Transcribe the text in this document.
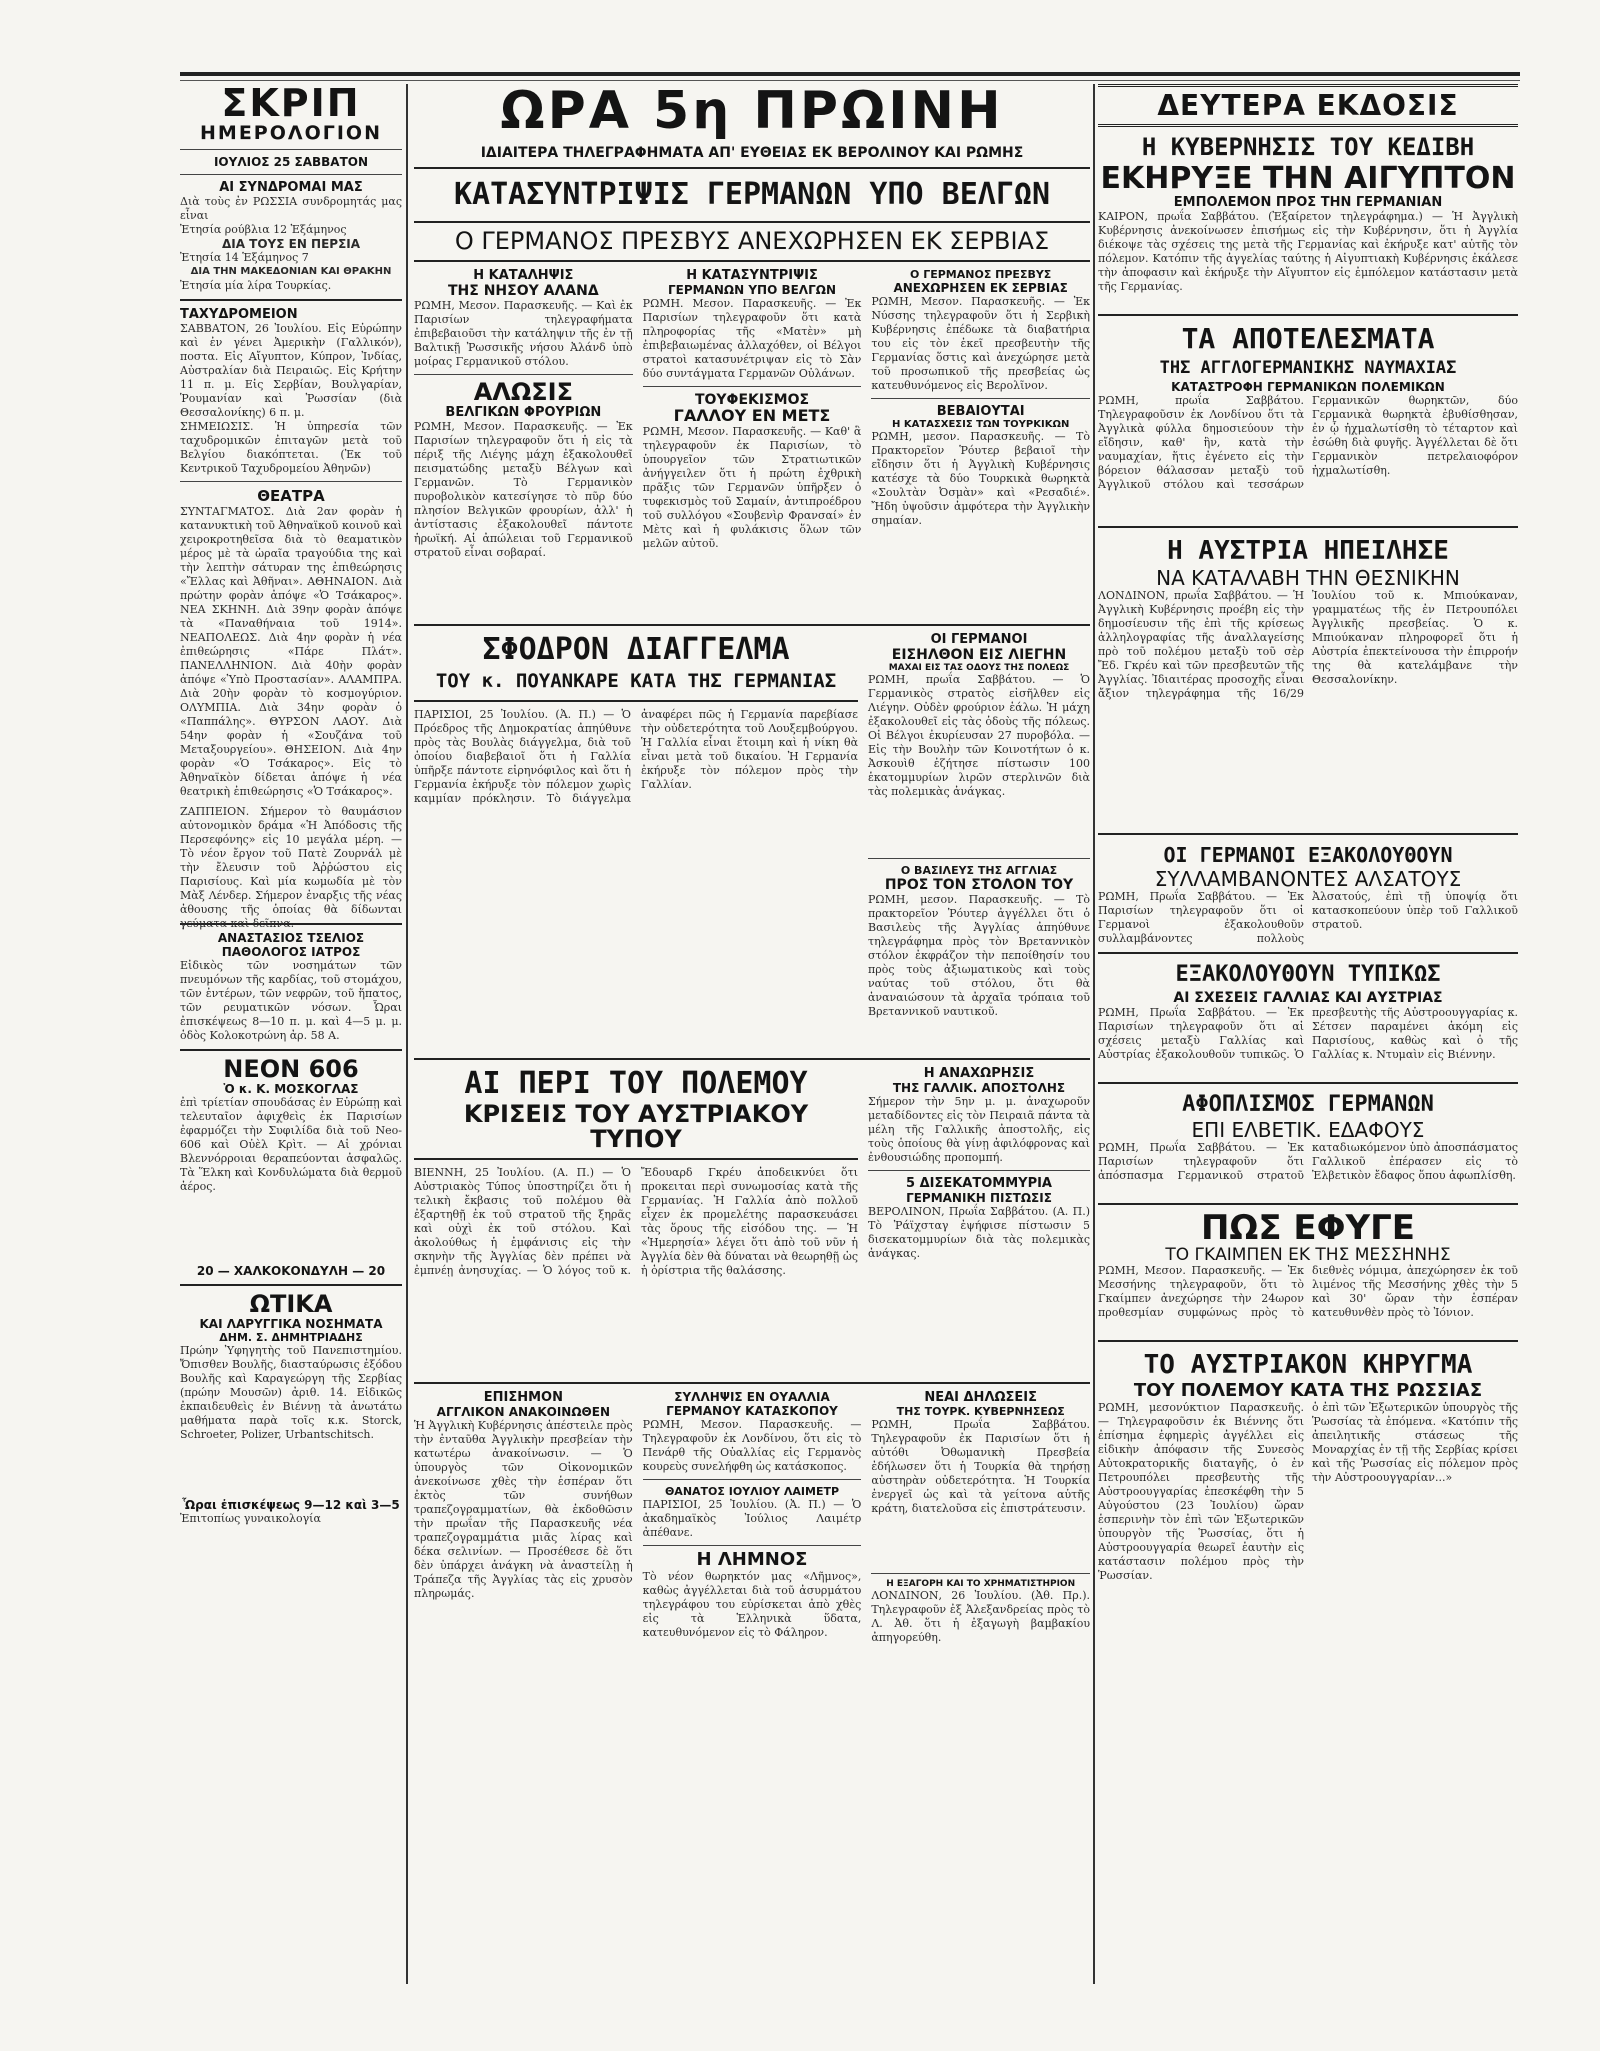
ΣΚΡΙΠ
ΗΜΕΡΟΛΟΓΙΟΝ
ΙΟΥΛΙΟΣ 25 ΣΑΒΒΑΤΟΝ
ΑΙ ΣΥΝΔΡΟΜΑΙ ΜΑΣ
Διὰ τοὺς ἐν ΡΩΣΣΙΑ συνδρομητάς μας εἶναι
Ἐτησία ρούβλια 12 Ἑξάμηνος
ΔΙΑ ΤΟΥΣ ΕΝ ΠΕΡΣΙΑ
Ἐτησία 14 Ἑξάμηνος 7
ΔΙΑ ΤΗΝ ΜΑΚΕΔΟΝΙΑΝ ΚΑΙ ΘΡΑΚΗΝ
Ἐτησία μία λίρα Τουρκίας.
ΤΑΧΥΔΡΟΜΕΙΟΝ
ΣΑΒΒΑΤΟΝ, 26 Ἰουλίου. Εἰς Εὐρώπην καὶ ἐν γένει Ἀμερικὴν (Γαλλικόν), ποστα. Εἰς Αἴγυπτον, Κύπρον, Ἰνδίας, Αὐστραλίαν διὰ Πειραιῶς. Εἰς Κρήτην 11 π. μ. Εἰς Σερβίαν, Βουλγαρίαν, Ῥουμανίαν καὶ Ῥωσσίαν (διὰ Θεσσαλονίκης) 6 π. μ.
ΣΗΜΕΙΩΣΙΣ. Ἡ ὑπηρεσία τῶν ταχυδρομικῶν ἐπιταγῶν μετὰ τοῦ Βελγίου διακόπτεται. (Ἐκ τοῦ Κεντρικοῦ Ταχυδρομείου Ἀθηνῶν)
ΘΕΑΤΡΑ
ΣΥΝΤΑΓΜΑΤΟΣ. Διὰ 2αν φορὰν ἡ κατανυκτικὴ τοῦ Ἀθηναϊκοῦ κοινοῦ καὶ χειροκροτηθεῖσα διὰ τὸ θεαματικὸν μέρος μὲ τὰ ὡραῖα τραγούδια της καὶ τὴν λεπτὴν σάτυραν της ἐπιθεώρησις «Ἔλλας καὶ Ἀθῆναι». ΑΘΗΝΑΙΟΝ. Διὰ πρώτην φορὰν ἀπόψε «Ὁ Τσάκαρος». ΝΕΑ ΣΚΗΝΗ. Διὰ 39ην φορὰν ἀπόψε τὰ «Παναθήναια τοῦ 1914». ΝΕΑΠΟΛΕΩΣ. Διὰ 4ην φορὰν ἡ νέα ἐπιθεώρησις «Πάρε Πλάτ». ΠΑΝΕΛΛΗΝΙΟΝ. Διὰ 40ὴν φορὰν ἀπόψε «Ὑπὸ Προστασίαν». ΑΛΑΜΠΡΑ. Διὰ 20ὴν φορὰν τὸ κοσμογύριον. ΟΛΥΜΠΙΑ. Διὰ 34ην φορὰν ὁ «Παππάλης». ΘΥΡΣΟΝ ΛΑΟΥ. Διὰ 54ην φορὰν ἡ «Σουζάνα τοῦ Μεταξουργείου». ΘΗΣΕΙΟΝ. Διὰ 4ην φορὰν «Ὁ Τσάκαρος». Εἰς τὸ Ἀθηναϊκὸν δίδεται ἀπόψε ἡ νέα θεατρικὴ ἐπιθεώρησις «Ὁ Τσάκαρος».
ΖΑΠΠΕΙΟΝ. Σήμερον τὸ θαυμάσιον αὐτονομικὸν δράμα «Ἡ Ἀπόδοσις τῆς Περσεφόνης» εἰς 10 μεγάλα μέρη. — Τὸ νέον ἔργον τοῦ Πατὲ Ζουρνάλ μὲ τὴν ἔλευσιν τοῦ Ἀῤῥώστου εἰς Παρισίους. Καὶ μία κωμωδία μὲ τὸν Μὰξ Λένδερ. Σήμερον ἐναρξις τῆς νέας ἀθουσης τῆς ὁποίας θὰ δίδωνται γεύματα καὶ δεῖπνα.
ΑΝΑΣΤΑΣΙΟΣ ΤΣΕΛΙΟΣ
ΠΑΘΟΛΟΓΟΣ ΙΑΤΡΟΣ
Εἰδικὸς τῶν νοσημάτων τῶν πνευμόνων τῆς καρδίας, τοῦ στομάχου, τῶν ἐντέρων, τῶν νεφρῶν, τοῦ ἥπατος, τῶν ρευματικῶν νόσων. Ὧραι ἐπισκέψεως 8—10 π. μ. καὶ 4—5 μ. μ. ὁδὸς Κολοκοτρώνη ἀρ. 58 Α.
ΝΕΟΝ 606
Ὁ κ. Κ. ΜΟΣΚΟΓΛΑΣ
ἐπὶ τρίετίαν σπουδάσας ἐν Εὐρώπῃ καὶ τελευταῖον ἀφιχθεὶς ἐκ Παρισίων ἐφαρμόζει τὴν Συφιλίδα διὰ τοῦ Neo-606 καὶ Οὐὲλ Κρὶτ. — Αἱ χρόνιαι Βλεννόρροιαι θεραπεύονται ἀσφαλῶς. Τὰ Ἕλκη καὶ Κονδυλώματα διὰ θερμοῦ ἀέρος.
20 — ΧΑΛΚΟΚΟΝΔΥΛΗ — 20
ΩΤΙΚΑ
ΚΑΙ ΛΑΡΥΓΓΙΚΑ ΝΟΣΗΜΑΤΑ
ΔΗΜ. Σ. ΔΗΜΗΤΡΙΑΔΗΣ
Πρώην Ὑφηγητὴς τοῦ Πανεπιστημίου. Ὄπισθεν Βουλῆς, διασταύρωσις ἐξόδου Βουλῆς καὶ Καραγεώργη τῆς Σερβίας (πρώην Μουσῶν) ἀριθ. 14. Εἰδικῶς ἐκπαιδευθεὶς ἐν Βιέννῃ τὰ ἀνωτάτω μαθήματα παρὰ τοῖς κ.κ. Storck, Schroeter, Polizer, Urbantschitsch.
Ὧραι ἐπισκέψεως 9—12 καὶ 3—5
Ἐπιτοπίως γυναικολογία
ΩΡΑ 5η ΠΡΩΙΝΗ
ΙΔΙΑΙΤΕΡΑ ΤΗΛΕΓΡΑΦΗΜΑΤΑ ΑΠ' ΕΥΘΕΙΑΣ ΕΚ ΒΕΡΟΛΙΝΟΥ ΚΑΙ ΡΩΜΗΣ
ΚΑΤΑΣΥΝΤΡΙΨΙΣ ΓΕΡΜΑΝΩΝ ΥΠΟ ΒΕΛΓΩΝ
Ο ΓΕΡΜΑΝΟΣ ΠΡΕΣΒΥΣ ΑΝΕΧΩΡΗΣΕΝ ΕΚ ΣΕΡΒΙΑΣ
Η ΚΑΤΑΛΗΨΙΣ
ΤΗΣ ΝΗΣΟΥ ΑΛΑΝΔ
ΡΩΜΗ, Μεσον. Παρασκευῆς. — Καὶ ἐκ Παρισίων τηλεγραφήματα ἐπιβεβαιοῦσι τὴν κατάληψιν τῆς ἐν τῇ Βαλτικῇ Ῥωσσικῆς νήσου Ἀλάνδ ὑπὸ μοίρας Γερμανικοῦ στόλου.
ΑΛΩΣΙΣ
ΒΕΛΓΙΚΩΝ ΦΡΟΥΡΙΩΝ
ΡΩΜΗ, Μεσον. Παρασκευῆς. — Ἐκ Παρισίων τηλεγραφοῦν ὅτι ἡ εἰς τὰ πέριξ τῆς Λιέγης μάχη ἐξακολουθεῖ πεισματώδης μεταξὺ Βέλγων καὶ Γερμανῶν. Τὸ Γερμανικὸν πυροβολικὸν κατεσίγησε τὸ πῦρ δύο πλησίον Βελγικῶν φρουρίων, ἀλλ' ἡ ἀντίστασις ἐξακολουθεῖ πάντοτε ἡρωϊκή. Αἱ ἀπώλειαι τοῦ Γερμανικοῦ στρατοῦ εἶναι σοβαραί.
Η ΚΑΤΑΣΥΝΤΡΙΨΙΣ
ΓΕΡΜΑΝΩΝ ΥΠΟ ΒΕΛΓΩΝ
ΡΩΜΗ. Μεσον. Παρασκευῆς. — Ἐκ Παρισίων τηλεγραφοῦν ὅτι κατὰ πληροφορίας τῆς «Ματὲν» μὴ ἐπιβεβαιωμένας ἀλλαχόθεν, οἱ Βέλγοι στρατοὶ κατασυνέτριψαν εἰς τὸ Σὰν δύο συντάγματα Γερμανῶν Οὐλάνων.
ΤΟΥΦΕΚΙΣΜΟΣ
ΓΑΛΛΟΥ ΕΝ ΜΕΤΣ
ΡΩΜΗ, Μεσον. Παρασκευῆς. — Καθ' ἃ τηλεγραφοῦν ἐκ Παρισίων, τὸ ὑπουργεῖον τῶν Στρατιωτικῶν ἀνήγγειλεν ὅτι ἡ πρώτη ἐχθρικὴ πρᾶξις τῶν Γερμανῶν ὑπῆρξεν ὁ τυφεκισμὸς τοῦ Σαμαίν, ἀντιπροέδρου τοῦ συλλόγου «Σουβενὶρ Φρανσαί» ἐν Μὲτς καὶ ἡ φυλάκισις ὅλων τῶν μελῶν αὐτοῦ.
Ο ΓΕΡΜΑΝΟΣ ΠΡΕΣΒΥΣ
ΑΝΕΧΩΡΗΣΕΝ ΕΚ ΣΕΡΒΙΑΣ
ΡΩΜΗ, Μεσον. Παρασκευῆς. — Ἐκ Νύσσης τηλεγραφοῦν ὅτι ἡ Σερβικὴ Κυβέρνησις ἐπέδωκε τὰ διαβατήρια του εἰς τὸν ἐκεῖ πρεσβευτὴν τῆς Γερμανίας ὅστις καὶ ἀνεχώρησε μετὰ τοῦ προσωπικοῦ τῆς πρεσβείας ὡς κατευθυνόμενος εἰς Βερολῖνον.
ΒΕΒΑΙΟΥΤΑΙ
Η ΚΑΤΑΣΧΕΣΙΣ ΤΩΝ ΤΟΥΡΚΙΚΩΝ
ΡΩΜΗ, μεσον. Παρασκευῆς. — Τὸ Πρακτορεῖον Ῥόυτερ βεβαιοῖ τὴν εἴδησιν ὅτι ἡ Ἀγγλικὴ Κυβέρνησις κατέσχε τὰ δύο Τουρκικὰ θωρηκτὰ «Σουλτὰν Ὀσμὰν» καὶ «Ρεσαδιέ». Ἤδη ὑψοῦσιν ἀμφότερα τὴν Ἀγγλικὴν σημαίαν.
ΣΦΟΔΡΟΝ ΔΙΑΓΓΕΛΜΑ
ΤΟΥ κ. ΠΟΥΑΝΚΑΡΕ ΚΑΤΑ ΤΗΣ ΓΕΡΜΑΝΙΑΣ
ΠΑΡΙΣΙΟΙ, 25 Ἰουλίου. (Ἀ. Π.) — Ὁ Πρόεδρος τῆς Δημοκρατίας ἀπηύθυνε πρὸς τὰς Βουλὰς διάγγελμα, διὰ τοῦ ὁποίου διαβεβαιοῖ ὅτι ἡ Γαλλία ὑπῆρξε πάντοτε εἰρηνόφιλος καὶ ὅτι ἡ Γερμανία ἐκήρυξε τὸν πόλεμον χωρὶς καμμίαν πρόκλησιν. Τὸ διάγγελμα ἀναφέρει πῶς ἡ Γερμανία παρεβίασε τὴν οὐδετερότητα τοῦ Λουξεμβούργου. Ἡ Γαλλία εἶναι ἕτοιμη καὶ ἡ νίκη θὰ εἶναι μετὰ τοῦ δικαίου. Ἡ Γερμανία ἐκήρυξε τὸν πόλεμον πρὸς τὴν Γαλλίαν.
ΟΙ ΓΕΡΜΑΝΟΙ
ΕΙΣΗΛΘΟΝ ΕΙΣ ΛΙΕΓΗΝ
ΜΑΧΑΙ ΕΙΣ ΤΑΣ ΟΔΟΥΣ ΤΗΣ ΠΟΛΕΩΣ
ΡΩΜΗ, πρωΐα Σαββάτου. — Ὁ Γερμανικὸς στρατὸς εἰσῆλθεν εἰς Λιέγην. Οὐδὲν φρούριον ἑάλω. Ἡ μάχη ἐξακολουθεῖ εἰς τὰς ὁδοὺς τῆς πόλεως. Οἱ Βέλγοι ἐκυρίευσαν 27 πυροβόλα. — Εἰς τὴν Βουλὴν τῶν Κοινοτήτων ὁ κ. Ἀσκουὶθ ἐζήτησε πίστωσιν 100 ἑκατομμυρίων λιρῶν στερλινῶν διὰ τὰς πολεμικὰς ἀνάγκας.
Ο ΒΑΣΙΛΕΥΣ ΤΗΣ ΑΓΓΛΙΑΣ
ΠΡΟΣ ΤΟΝ ΣΤΟΛΟΝ ΤΟΥ
ΡΩΜΗ, μεσον. Παρασκευῆς. — Τὸ πρακτορεῖον Ῥόυτερ ἀγγέλλει ὅτι ὁ Βασιλεὺς τῆς Ἀγγλίας ἀπηύθυνε τηλεγράφημα πρὸς τὸν Βρεταννικὸν στόλον ἐκφράζον τὴν πεποίθησίν του πρὸς τοὺς ἀξιωματικοὺς καὶ τοὺς ναύτας τοῦ στόλου, ὅτι θὰ ἀναναιώσουν τὰ ἀρχαῖα τρόπαια τοῦ Βρεταννικοῦ ναυτικοῦ.
ΑΙ ΠΕΡΙ ΤΟΥ ΠΟΛΕΜΟΥ
ΚΡΙΣΕΙΣ ΤΟΥ ΑΥΣΤΡΙΑΚΟΥ ΤΥΠΟΥ
ΒΙΕΝΝΗ, 25 Ἰουλίου. (Α. Π.) — Ὁ Αὐστριακὸς Τύπος ὑποστηρίζει ὅτι ἡ τελικὴ ἔκβασις τοῦ πολέμου θὰ ἐξαρτηθῇ ἐκ τοῦ στρατοῦ τῆς ξηρᾶς καὶ οὐχὶ ἐκ τοῦ στόλου. Καὶ ἀκολούθως ἡ ἐμφάνισις εἰς τὴν σκηνὴν τῆς Ἀγγλίας δὲν πρέπει νὰ ἐμπνέῃ ἀνησυχίας. — Ὁ λόγος τοῦ κ. Ἔδουαρδ Γκρέυ ἀποδεικνύει ὅτι προκειται περὶ συνωμοσίας κατὰ τῆς Γερμανίας. Ἡ Γαλλία ἀπὸ πολλοῦ εἶχεν ἐκ προμελέτης παρασκευάσει τὰς ὅρους τῆς εἰσόδου της. — Ἡ «Ἡμερησία» λέγει ὅτι ἀπὸ τοῦ νῦν ἡ Ἀγγλία δὲν θὰ δύναται νὰ θεωρηθῇ ὡς ἡ ὁρίστρια τῆς θαλάσσης.
Η ΑΝΑΧΩΡΗΣΙΣ
ΤΗΣ ΓΑΛΛΙΚ. ΑΠΟΣΤΟΛΗΣ
Σήμερον τὴν 5ην μ. μ. ἀναχωροῦν μεταδίδοντες εἰς τὸν Πειραιᾶ πάντα τὰ μέλη τῆς Γαλλικῆς ἀποστολῆς, εἰς τοὺς ὁποίους θὰ γίνῃ ἀφιλόφρονας καὶ ἐνθουσιώδης προπομπή.
5 ΔΙΣΕΚΑΤΟΜΜΥΡΙΑ
ΓΕΡΜΑΝΙΚΗ ΠΙΣΤΩΣΙΣ
ΒΕΡΟΛΙΝΟΝ, Πρωΐα Σαββάτου. (Α. Π.) Τὸ Ῥάϊχσταγ ἐψήφισε πίστωσιν 5 δισεκατομμυρίων διὰ τὰς πολεμικὰς ἀνάγκας.
ΕΠΙΣΗΜΟΝ
ΑΓΓΛΙΚΟΝ ΑΝΑΚΟΙΝΩΘΕΝ
Ἡ Ἀγγλικὴ Κυβέρνησις ἀπέστειλε πρὸς τὴν ἐνταῦθα Ἀγγλικὴν πρεσβείαν τὴν κατωτέρω ἀνακοίνωσιν. — Ὁ ὑπουργὸς τῶν Οἰκονομικῶν ἀνεκοίνωσε χθὲς τὴν ἑσπέραν ὅτι ἐκτὸς τῶν συνήθων τραπεζογραμματίων, θὰ ἐκδοθῶσιν τὴν πρωΐαν τῆς Παρασκευῆς νέα τραπεζογραμμάτια μιᾶς λίρας καὶ δέκα σελινίων. — Προσέθεσε δὲ ὅτι δὲν ὑπάρχει ἀνάγκη νὰ ἀναστείλῃ ἡ Τράπεζα τῆς Ἀγγλίας τὰς εἰς χρυσὸν πληρωμάς.
ΣΥΛΛΗΨΙΣ ΕΝ ΟΥΑΛΛΙΑ
ΓΕΡΜΑΝΟΥ ΚΑΤΑΣΚΟΠΟΥ
ΡΩΜΗ, Μεσον. Παρασκευῆς. — Τηλεγραφοῦν ἐκ Λονδίνου, ὅτι εἰς τὸ Πενάρθ τῆς Οὐαλλίας εἰς Γερμανὸς κουρεὺς συνελήφθη ὡς κατάσκοπος.
ΘΑΝΑΤΟΣ ΙΟΥΛΙΟΥ ΛΑΙΜΕΤΡ
ΠΑΡΙΣΙΟΙ, 25 Ἰουλίου. (Ἀ. Π.) — Ὁ ἀκαδημαϊκὸς Ἰούλιος Λαιμέτρ ἀπέθανε.
Η ΛΗΜΝΟΣ
Τὸ νέον θωρηκτόν μας «Λῆμνος», καθὼς ἀγγέλλεται διὰ τοῦ ἀσυρμάτου τηλεγράφου του εὑρίσκεται ἀπὸ χθὲς εἰς τὰ Ἑλληνικὰ ὕδατα, κατευθυνόμενον εἰς τὸ Φάληρον.
ΝΕΑΙ ΔΗΛΩΣΕΙΣ
ΤΗΣ ΤΟΥΡΚ. ΚΥΒΕΡΝΗΣΕΩΣ
ΡΩΜΗ, Πρωΐα Σαββάτου. Τηλεγραφοῦν ἐκ Παρισίων ὅτι ἡ αὐτόθι Ὀθωμανικὴ Πρεσβεία ἐδήλωσεν ὅτι ἡ Τουρκία θὰ τηρήσῃ αὐστηρὰν οὐδετερότητα. Ἡ Τουρκία ἐνεργεῖ ὡς καὶ τὰ γείτονα αὐτῆς κράτη, διατελοῦσα εἰς ἐπιστράτευσιν.
Η ΕΞΑΓΟΡΗ ΚΑΙ ΤΟ ΧΡΗΜΑΤΙΣΤΗΡΙΟΝ
ΛΟΝΔΙΝΟΝ, 26 Ἰουλίου. (Ἀθ. Πρ.). Τηλεγραφοῦν ἐξ Ἀλεξανδρείας πρὸς τὸ Λ. Ἀθ. ὅτι ἡ ἐξαγωγὴ βαμβακίου ἀπηγορεύθη.
ΔΕΥΤΕΡΑ ΕΚΔΟΣΙΣ
Η ΚΥΒΕΡΝΗΣΙΣ ΤΟΥ ΚΕΔΙΒΗ
ΕΚΗΡΥΞΕ ΤΗΝ ΑΙΓΥΠΤΟΝ
ΕΜΠΟΛΕΜΟΝ ΠΡΟΣ ΤΗΝ ΓΕΡΜΑΝΙΑΝ
ΚΑΙΡΟΝ, πρωΐα Σαββάτου. (Ἐξαίρετον τηλεγράφημα.) — Ἡ Ἀγγλικὴ Κυβέρνησις ἀνεκοίνωσεν ἐπισήμως εἰς τὴν Κυβέρνησιν, ὅτι ἡ Ἀγγλία διέκοψε τὰς σχέσεις της μετὰ τῆς Γερμανίας καὶ ἐκήρυξε κατ' αὐτῆς τὸν πόλεμον. Κατόπιν τῆς ἀγγελίας ταύτης ἡ Αἰγυπτιακὴ Κυβέρνησις ἐκάλεσε τὴν ἀποφασιν καὶ ἐκήρυξε τὴν Αἴγυπτον εἰς ἐμπόλεμον κατάστασιν μετὰ τῆς Γερμανίας.
ΤΑ ΑΠΟΤΕΛΕΣΜΑΤΑ
ΤΗΣ ΑΓΓΛΟΓΕΡΜΑΝΙΚΗΣ ΝΑΥΜΑΧΙΑΣ
ΚΑΤΑΣΤΡΟΦΗ ΓΕΡΜΑΝΙΚΩΝ ΠΟΛΕΜΙΚΩΝ
ΡΩΜΗ, πρωΐα Σαββάτου. Τηλεγραφοῦσιν ἐκ Λονδίνου ὅτι τὰ Ἀγγλικὰ φύλλα δημοσιεύουν τὴν εἴδησιν, καθ' ἣν, κατὰ τὴν ναυμαχίαν, ἥτις ἐγένετο εἰς τὴν βόρειον θάλασσαν μεταξὺ τοῦ Ἀγγλικοῦ στόλου καὶ τεσσάρων Γερμανικῶν θωρηκτῶν, δύο Γερμανικὰ θωρηκτὰ ἐβυθίσθησαν, ἐν ᾧ ἠχμαλωτίσθη τὸ τέταρτον καὶ ἐσώθη διὰ φυγῆς. Ἀγγέλλεται δὲ ὅτι Γερμανικὸν πετρελαιοφόρον ἠχμαλωτίσθη.
Η ΑΥΣΤΡΙΑ ΗΠΕΙΛΗΣΕ
ΝΑ ΚΑΤΑΛΑΒΗ ΤΗΝ ΘΕΣΝΙΚΗΝ
ΛΟΝΔΙΝΟΝ, πρωΐα Σαββάτου. — Ἡ Ἀγγλικὴ Κυβέρνησις προέβη εἰς τὴν δημοσίευσιν τῆς ἐπὶ τῆς κρίσεως ἀλληλογραφίας τῆς ἀναλλαγείσης πρὸ τοῦ πολέμου μεταξὺ τοῦ σὲρ Ἔδ. Γκρέυ καὶ τῶν πρεσβευτῶν τῆς Ἀγγλίας. Ἰδιαιτέρας προσοχῆς εἶναι ἄξιον τηλεγράφημα τῆς 16/29 Ἰουλίου τοῦ κ. Μπιούκαναν, γραμματέως τῆς ἐν Πετρουπόλει Ἀγγλικῆς πρεσβείας. Ὁ κ. Μπιούκαναν πληροφορεῖ ὅτι ἡ Αὐστρία ἐπεκτείνουσα τὴν ἐπιρροήν της θὰ κατελάμβανε τὴν Θεσσαλονίκην.
ΟΙ ΓΕΡΜΑΝΟΙ ΕΞΑΚΟΛΟΥΘΟΥΝ
ΣΥΛΛΑΜΒΑΝΟΝΤΕΣ ΑΛΣΑΤΟΥΣ
ΡΩΜΗ, Πρωΐα Σαββάτου. — Ἐκ Παρισίων τηλεγραφοῦν ὅτι οἱ Γερμανοὶ ἐξακολουθοῦν συλλαμβάνοντες πολλοὺς Ἀλσατούς, ἐπὶ τῇ ὑποψίᾳ ὅτι κατασκοπεύουν ὑπὲρ τοῦ Γαλλικοῦ στρατοῦ.
ΕΞΑΚΟΛΟΥΘΟΥΝ ΤΥΠΙΚΩΣ
ΑΙ ΣΧΕΣΕΙΣ ΓΑΛΛΙΑΣ ΚΑΙ ΑΥΣΤΡΙΑΣ
ΡΩΜΗ, Πρωΐα Σαββάτου. — Ἐκ Παρισίων τηλεγραφοῦν ὅτι αἱ σχέσεις μεταξὺ Γαλλίας καὶ Αὐστρίας ἐξακολουθοῦν τυπικῶς. Ὁ πρεσβευτὴς τῆς Αὐστροουγγαρίας κ. Σέτσεν παραμένει ἀκόμη εἰς Παρισίους, καθὼς καὶ ὁ τῆς Γαλλίας κ. Ντυμαὶν εἰς Βιέννην.
ΑΦΟΠΛΙΣΜΟΣ ΓΕΡΜΑΝΩΝ
ΕΠΙ ΕΛΒΕΤΙΚ. ΕΔΑΦΟΥΣ
ΡΩΜΗ, Πρωΐα Σαββάτου. — Ἐκ Παρισίων τηλεγραφοῦν ὅτι ἀπόσπασμα Γερμανικοῦ στρατοῦ καταδιωκόμενον ὑπὸ ἀποσπάσματος Γαλλικοῦ ἐπέρασεν εἰς τὸ Ἐλβετικὸν ἔδαφος ὅπου ἀφωπλίσθη.
ΠΩΣ ΕΦΥΓΕ
ΤΟ ΓΚΑΙΜΠΕΝ ΕΚ ΤΗΣ ΜΕΣΣΗΝΗΣ
ΡΩΜΗ, Μεσον. Παρασκευῆς. — Ἐκ Μεσσήνης τηλεγραφοῦν, ὅτι τὸ Γκαίμπεν ἀνεχώρησε τὴν 24ωρον προθεσμίαν συμφώνως πρὸς τὸ διεθνὲς νόμιμα, ἀπεχώρησεν ἐκ τοῦ λιμένος τῆς Μεσσήνης χθὲς τὴν 5 καὶ 30' ὥραν τὴν ἑσπέραν κατευθυνθὲν πρὸς τὸ Ἰόνιον.
ΤΟ ΑΥΣΤΡΙΑΚΟΝ ΚΗΡΥΓΜΑ
ΤΟΥ ΠΟΛΕΜΟΥ ΚΑΤΑ ΤΗΣ ΡΩΣΣΙΑΣ
ΡΩΜΗ, μεσονύκτιον Παρασκευῆς. — Τηλεγραφοῦσιν ἐκ Βιέννης ὅτι ἐπίσημα ἐφημερὶς ἀγγέλλει εἰς εἰδικὴν ἀπόφασιν τῆς Συνεσὸς Αὐτοκρατορικῆς διαταγῆς, ὁ ἐν Πετρουπόλει πρεσβευτὴς τῆς Αὐστροουγγαρίας ἐπεσκέφθη τὴν 5 Αὐγούστου (23 Ἰουλίου) ὥραν ἑσπερινὴν τὸν ἐπὶ τῶν Ἐξωτερικῶν ὑπουργὸν τῆς Ῥωσσίας, ὅτι ἡ Αὐστροουγγαρία θεωρεῖ ἑαυτὴν εἰς κατάστασιν πολέμου πρὸς τὴν Ῥωσσίαν.
ὁ ἐπὶ τῶν Ἐξωτερικῶν ὑπουργὸς τῆς Ῥωσσίας τὰ ἐπόμενα. «Κατόπιν τῆς ἀπειλητικῆς στάσεως τῆς Μοναρχίας ἐν τῇ τῆς Σερβίας κρίσει καὶ τῆς Ῥωσσίας εἰς πόλεμον πρὸς τὴν Αὐστροουγγαρίαν...»
